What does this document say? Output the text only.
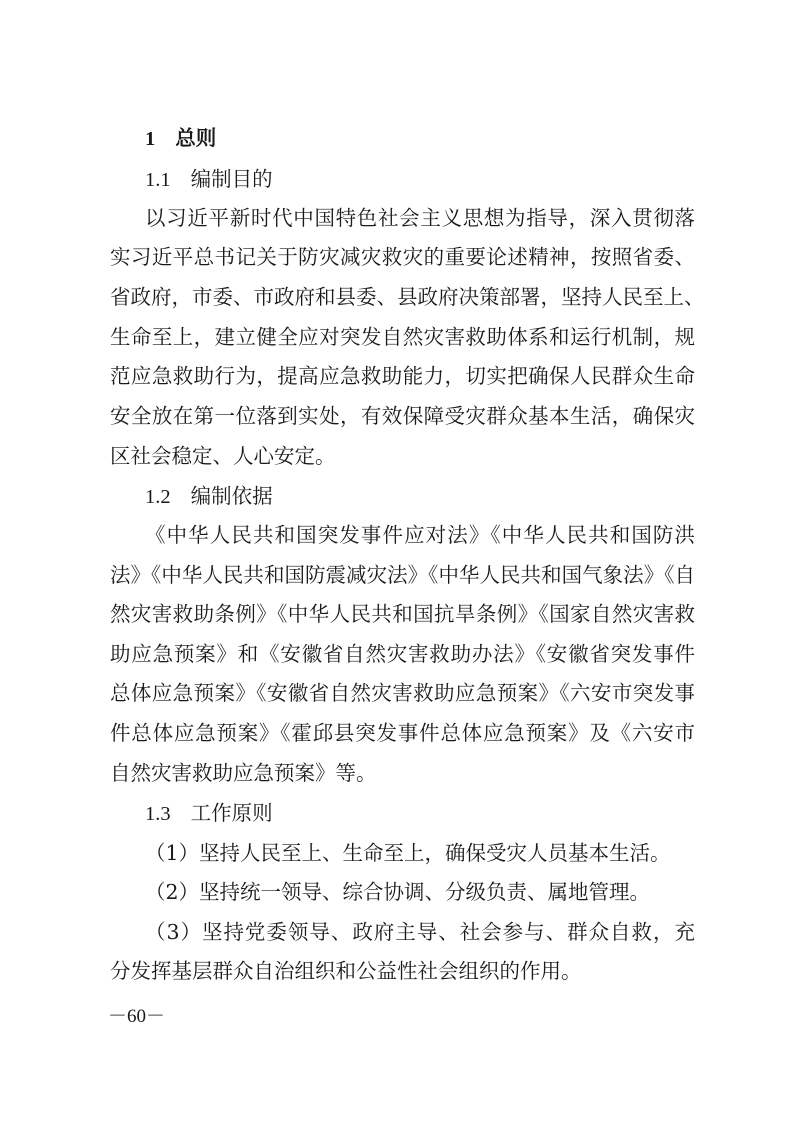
1 总则
1.1 编制目的
以习近平新时代中国特色社会主义思想为指导，深入贯彻落
实习近平总书记关于防灾减灾救灾的重要论述精神，按照省委、
省政府，市委、市政府和县委、县政府决策部署，坚持人民至上、
生命至上，建立健全应对突发自然灾害救助体系和运行机制，规
范应急救助行为，提高应急救助能力，切实把确保人民群众生命
安全放在第一位落到实处，有效保障受灾群众基本生活，确保灾
区社会稳定、人心安定。
1.2 编制依据
《中华人民共和国突发事件应对法》《中华人民共和国防洪
法》《中华人民共和国防震减灾法》《中华人民共和国气象法》《自
然灾害救助条例》《中华人民共和国抗旱条例》《国家自然灾害救
助应急预案》和《安徽省自然灾害救助办法》《安徽省突发事件
总体应急预案》《安徽省自然灾害救助应急预案》《六安市突发事
件总体应急预案》《霍邱县突发事件总体应急预案》及《六安市
自然灾害救助应急预案》等。
1.3 工作原则
（1）坚持人民至上、生命至上，确保受灾人员基本生活。
（2）坚持统一领导、综合协调、分级负责、属地管理。
（3）坚持党委领导、政府主导、社会参与、群众自救，充
分发挥基层群众自治组织和公益性社会组织的作用。
－60－
